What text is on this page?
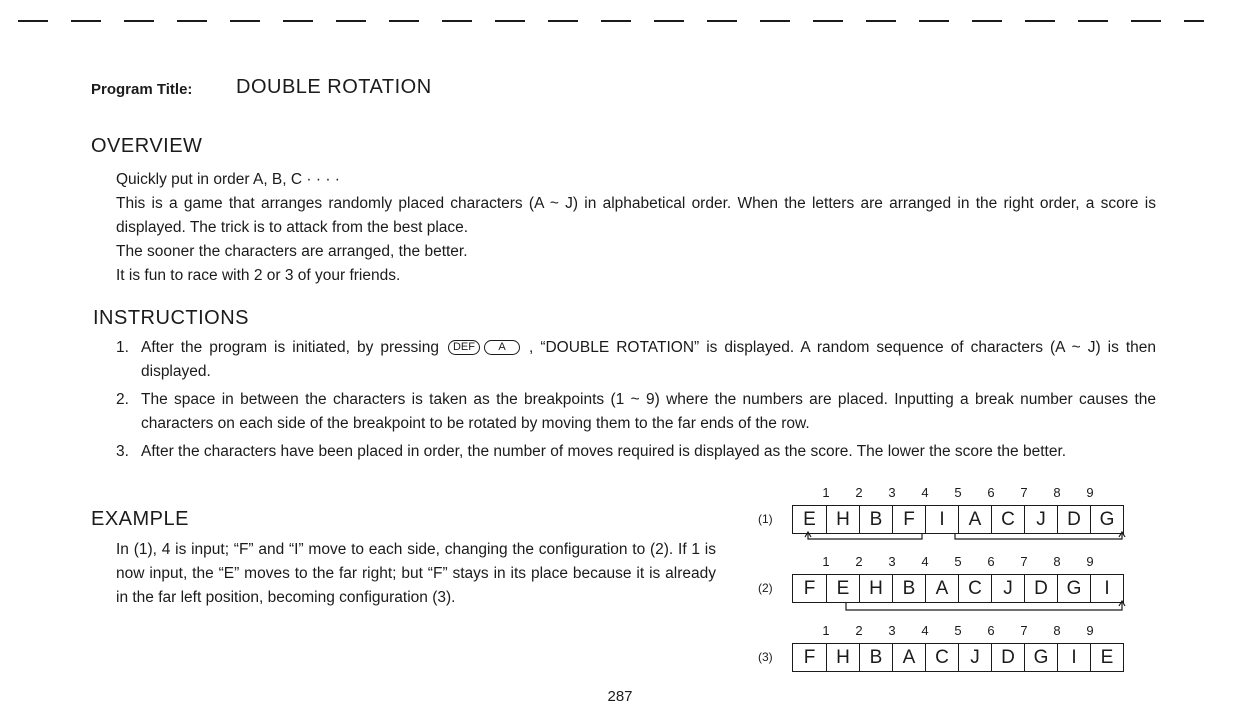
Program Title:	DOUBLE ROTATION
OVERVIEW

Quickly put in order A, B, C · · · ·

This is a game that arranges randomly placed characters (A ~ J) in alphabetical order. When the letters are arranged in the right order, a score is displayed. The trick is to attack from the best place.

The sooner the characters are arranged, the better.

It is fun to race with 2 or 3 of your friends.

INSTRUCTIONS
1. After the program is initiated, by pressing DEF A , “DOUBLE ROTATION” is displayed. A random sequence of characters (A ~ J) is then displayed.
2. The space in between the characters is taken as the breakpoints (1 ~ 9) where the numbers are placed. Inputting a break number causes the characters on each side of the breakpoint to be rotated by moving them to the far ends of the row.
3. After the characters have been placed in order, the number of moves required is displayed as the score. The lower the score the better.
EXAMPLE

In (1), 4 is input; “F” and “I” move to each side, changing the configuration to (2). If 1 is now input, the “E” moves to the far right; but “F” stays in its place because it is already in the far left position, becoming configuration (3).

1	2	3	4	5	6	7	8	9
(1)	E	H	B	F	I	A	C	J	D G
1	2	3	4	5	6	7	8	9
(2)	F	E	H	B	A	C	J	D G	I
1	2	3	4	5	6	7	8	9
(3)	F	H	B	A	C	J	D G	I	E
287
